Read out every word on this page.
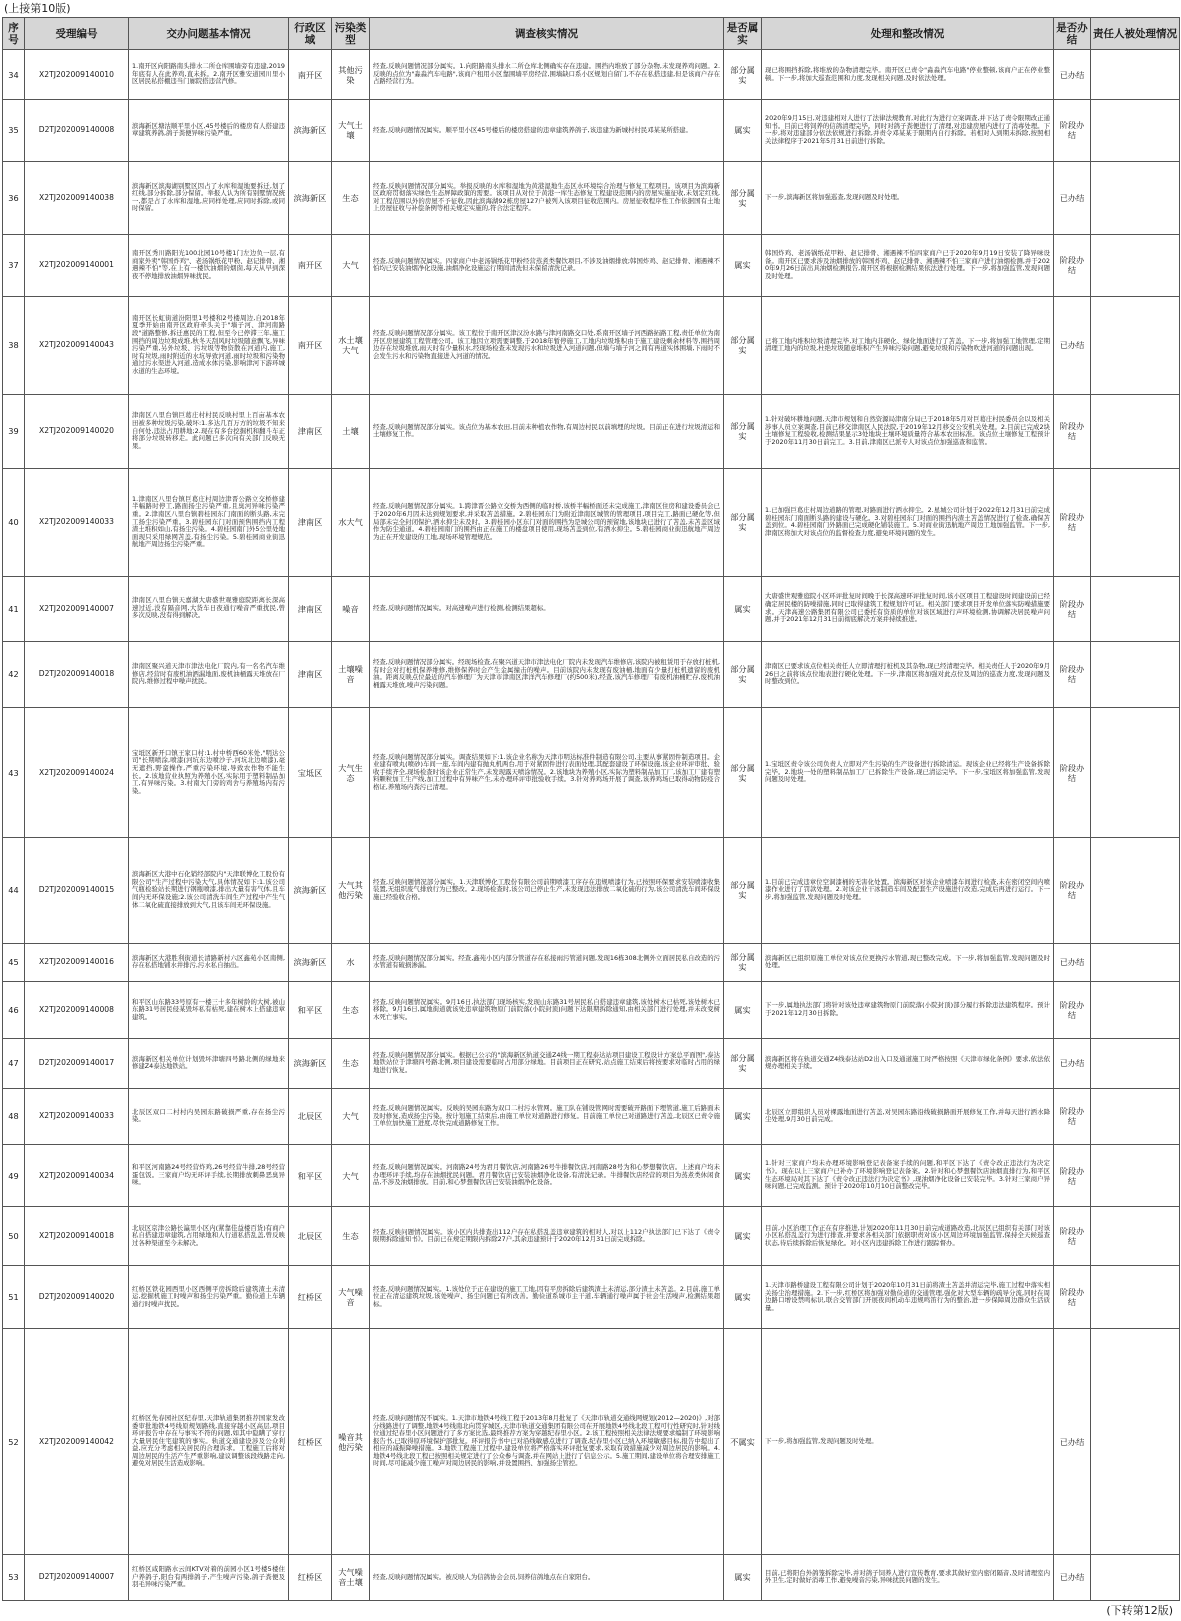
(上接第10版)
序号	受理编号	交办问题基本情况	行政区域	污染类型	调查核实情况	是否属实	处理和整改情况	是否办结	责任人被处理情况
34	X2TJ202009140010	1.南开区向阳路南头排水二所仓库围墙旁有违建,2019年底有人在此养鸡,直未拆。2.南开区雅安道园川里小区居民私搭棚违当门廊院搭违营汽修。	南开区	其他污染	经查,反映问题情况部分属实。1.向阳路南头排水二所仓库北侧确实存在违建。围挡内堆放了部分杂物,未发现养鸡问题。2.反映的点位为"淼淼汽车电路",该商户租用小区靠围墙平房经营,围墙缺口系小区规划自留门,不存在私搭违建,但是该商户存在占路经营行为。	部分属实	现已将围挡拆除,将堆放的杂物清理完毕。南开区已责令"淼淼汽车电路"停业整顿,该商户正在停业整顿。下一步,将加大巡查范围和力度,发现相关问题,及时依法处理。	已办结	
35	D2TJ202009140008	滨海新区塘沽顺平里小区,45号楼后的楼房有人搭建违章建筑养鸽,鸽子粪便异味污染严重。	滨海新区	大气土壤	经查,反映问题情况属实。顺平里小区45号楼后的楼房搭建的违章建筑养鸽子,该违建为新城村村民邓某某所搭建。	属实	2020年9月15日,对违建相对人进行了法律法规教育,对此行为进行立案调查,并下达了责令限期改正通知书。目前已将饲养的信鸽清理完毕。同时对鸽子粪便进行了清理,对违建房屋内进行了消毒处理。下一步,将对违建部分依法依规进行拆除,并责令邓某某于限期内自行拆除。若相对人到期未拆除,按照相关法律程序于2021年5月31日前进行拆除。	阶段办结	
36	X2TJ202009140038	滨海新区滨海湖别墅区因占了水库和湿地要拆迁,划了红线,部分拆除,部分保留。举报人认为所有别墅情况统一,都是占了水库和湿地,应同样处理,应同时拆除,或同时保留。	滨海新区	生态	经查,反映问题情况部分属实。举报反映的水库和湿地为黄港湿地生态区水环境综合治理与修复工程项目。该项目为滨海新区政府贯彻落实绿色生态屏障政策的需要。该项目从对位于黄港一库生态修复工程建设范围内的房屋实施征收,未划定红线,对工程范围以外的房屋不予征收,因此滨海湖92栋房屋127户被列入该项目征收范围内。房屋征收程序性工作依据国有土地上房屋征收与补偿条例等相关规定实施的,符合法定程序。	部分属实	下一步,滨海新区将加强巡查,发现问题及时处理。	已办结	
37	X2TJ202009140001	南开区秀川路阳光100北园10号楼1门左边负一层,有商家外卖"韩国炸鸡"、老汤锅纸花甲粉、赵记排骨、湘遇辣不怕"等,在上有一楼饮油烟的烟囱,每天从早到深夜不停地排放油烟异味扰民。	南开区	大气	经查,反映问题情况属实。四家商户中老汤锅纸花甲粉经营蒸煮类餐饮项目,不涉及油烟排放;韩国炸鸡、赵记排骨、湘遇辣不怕均已安装油烟净化设施,油烟净化设施运行期间清洗但未保留清洗记录。	属实	韩国炸鸡、老汤锅纸花甲粉、赵记排骨、湘遇辣不怕四家商户已于2020年9月19日安装了降异味设备。南开区已要求涉及油烟排放的韩国炸鸡、赵记排骨、湘遇辣不怕三家商户进行油烟检测,并于2020年9月26日前出具油烟检测报告,南开区将根据检测结果依法进行处理。下一步,将加强监管,发现问题及时处理。	阶段办结	
38	X2TJ202009140043	南开区长虹街道汾阳里1号楼和2号楼周边,自2018年夏季开始由南开区政府牵头关于"墙子河、津河南路段"道路整修,拆迁惠民的工程,但至今已停滞三年,施工围挡的周边垃圾成堆,秋冬天刮风时垃圾随意飘飞,异味污染严重,另外垃圾、污垃圾等物资散在河道内,施工,时有垃圾,雨时附近的水坑导致河道,雨时垃圾和污染物通过污水渠进入河道,造成水体污染,影响津河下游环城水道的生态环境。	南开区	水土壤大气	经查,反映问题情况部分属实。该工程位于南开区津汉汾水路与津河南路交口处,系南开区墙子河西路拓路工程,责任单位为南开区房屋建筑工程管理公司。该工地因立项需要调整,于2018年暂停施工,工地内垃圾堆积由于施工建设剩余材料等,围挡周边存在垃圾堆放,雨天时有少量积水,经现场检查未发现污水和垃圾进入河道问题,但墙与墙子河之间有再道实体围墙,下雨时不会发生污水和污染物直接进入河道的情况。	部分属实	已将工地内堆积垃圾清理完毕,对工地内非硬化、绿化地面进行了苫盖。下一步,将加强工地管理,定期清理工地内的垃圾,杜绝垃圾随意堆积产生异味污染问题,避免垃圾和污染物吹进河道的问题出现。	已办结	
39	X2TJ202009140020	津南区八里台镇巨葛庄村村民反映村里上百亩基本农田被多种垃圾污染,破坏:1.多达几百万方的垃圾不知来自何处,违法占用耕地;2.现在有多台挖掘机和翻斗车正将部分垃圾转移走。此问题已多次向有关部门反映无果。	津南区	土壤	经查,反映问题情况部分属实。该点位为基本农田,目前未种植农作物,有周边村民以前填埋的垃圾。目前正在进行垃圾清运和土壤修复工作。	部分属实	1.针对破坏耕地问题,天津市规划和自然资源局津南分局已于2018年5月对巨葛庄村民委员会以及相关涉事人员立案调查,目前已移交津南区人民法院,于2019年12月移交公安机关处理。2.目前已完成2块土壤修复工程验收,检测结果显示3处地块土壤环境质量符合基本农田标准。该点位土壤修复工程预计于2020年11月30日前完工。3.目前,津南区已派专人对该点位加强巡查和监管。	阶段办结	
40	X2TJ202009140033	1.津南区八里台镇巨葛庄村周边津晋公路立交桥修建半幅路时停工,路面扬尘污染严重,且臭河异味污染严重。2.津南区八里台镇碧桂园东门南面的断头路,未完工扬尘污染严重。3.碧桂园东门对面预售围挡内工程渣土堆积如山,有扬尘污染。4.碧桂园南门外5公里处地面现只采用绿网苫盖,有扬尘污染。5.碧桂园商业街迅航地产周边扬尘污染严重。	津南区	水大气	经查,反映问题情况部分属实。1.跨津晋公路立交桥为西侧的临时桥,该桥半幅桥面还未完成施工,津南区住房和建设委员会已于2020年6月因未达到规划要求,并采取苫盖措施。2.碧桂园东门为附近津南区城管的管理项目,项目完工,路面已硬化等,但局部未完全封闭保护,洒水抑尘未及时。3.碧桂园小区东门对面的围挡为是城公司的预留地,该地块已进行了苫盖,未苫盖区域作为防尘通道。4.碧桂园南门的围挡由正在施工的楼盘项目使用,现场苫盖到位,有洒水抑尘。5.碧桂园商业街迅航地产周边为正在开发建设的工地,现场环境管理规范。	部分属实	1.已加强巨葛庄村周边道路的管理,对路面进行洒水抑尘。2.星城公司计划于2022年12月31日前完成碧桂园东门南面断头路的建设与硬化。3.对碧桂园东门对面的围挡内渣土苫盖情况进行了检查,确保苫盖到位。4.碧桂园南门外路面已完成硬化铺装施工。5.对商业街迅航地产周边工地加强监管。下一步,津南区将加大对该点位的监督检查力度,避免环境问题的发生。	阶段办结	
41	X2TJ202009140007	津南区八里台镇天嘉湖大唐盛世观雅庭院距离长深高速过近,没有隔音网,大货车日夜通行噪音严重扰民,曾多次反映,没有得到解决。	津南区	噪音	经查,反映问题情况属实。对高速噪声进行检测,检测结果超标。	属实	大唐盛世观雅庭院小区环评批复时间晚于长深高速环评批复时间,该小区项目工程建设时间建设前已经确定居民楼的防噪措施,同时已取得建筑工程规划许可证。相关部门要求项目开发单位落实防噪措施要求。天津高速公路集团有限公司已委托有资质的单位对该区域进行声环境检测,协调解决居民噪声问题,并于2021年12月31日前彻底解决方案并持续推进。	阶段办结	
42	D2TJ202009140018	津南区聚兴道天津市津法电化厂院内,有一名名汽车维修店,经营时有废机油洒漏地面,废机油桶露天堆放在厂院内,维修过程中噪声扰民。	津南区	土壤噪音	经查,反映问题情况部分属实。经现场检查,在聚兴道天津市津法电化厂院内未发现汽车维修店,该院内被租赁用于存放打桩机,有时会对打桩机保养维修,维修保养时会产生金属撞击的噪声。目前该院内未发现有废油桶,地面有少量打桩机遗留的废机油。距离反映点位最近的汽车修理厂为天津市津南区津洋汽车修理厂(约500米),经查,该汽车修理厂有废机油桶贮存,废机油桶露天堆放,噪声污染问题。	部分属实	津南区已要求该点位相关责任人立即清理打桩机及其杂物,现已经清理完毕。相关责任人于2020年9月26日之前将该点位地表进行硬化处理。下一步,津南区将加强对此点位及周边的巡查力度,发现问题及时整改到位。	阶段办结	
43	X2TJ202009140024	宝坻区新开口镇王家口村:1.村中桥西60米处,"明达公司"长期喷涂,喷漆(河坑东边喷沙子,河坑北边喷漆),毫无遮挡,野蛮操作,严重污染环境,导致农作物不能生长。2.该地营业执照为养殖小区,实际用于塑料制品加工,有异味污染。3.村南大门旁的鸡舍与养殖场内有污染。	宝坻区	大气生态	经查,反映问题情况部分属实。调查结果如下:1.该企业名称为天津市明达标准件制造有限公司,主要从事紧固件制造项目。企业建有喷丸(喷砂)车间一座,车间内建有抛丸机两台,用于对紧固件进行表面处理,其配套建设了环保设施,该企业环评审批、验收手续齐全,现场检查时该企业正常生产,未发现露天喷涂情况。2.该地块为养殖小区,实际为塑料制品加工厂,该加工厂建有塑料颗粒加工生产线,加工过程中有异味产生,未办理环评审批验收手续。3.针对养鸡场开展了调查,该养鸡场已取得动物防疫合格证,养殖场内粪污已清理。	部分属实	1.宝坻区责令该公司负责人立即对产生污染的生产设备进行拆除清运。现该企业已经将生产设备拆除完毕。2.地块一处的塑料制品加工厂已拆除生产设备,现已清运完毕。下一步,宝坻区将加强监管,发现问题及时处理。	阶段办结	
44	D2TJ202009140015	滨海新区大港中石化销经部院内"天津联博化工股份有限公司"生产过程中污染大气,具体情况如下:1.该公司气瓶检验站长期进行钢瓶喷漆,排出大量有害气体,且车间内无环保设施;2.该公司清洗车间生产过程中产生气体二氧化硫直接排放到大气,且该车间无环保设施。	滨海新区	大气其他污染	经查,反映问题情况部分属实。1.天津联博化工股份有限公司前期喷漆工序存在违规喷漆行为,已按照环保要求安装喷漆收集装置,无组织废气排放行为已整改。2.现场检查时,该公司已停止生产,未发现违法排放二氧化硫的行为,该公司清洗车间环保设施已经验收合格。	部分属实	1.目前已完成违章位空洞漆桶的无害化处置。滨海新区对该企业喷漆车间进行检查,未在密闭空间内喷漆作业进行了罚款处理。2.对该企业干冰制造车间及配套生产设施进行改造,完成后再进行运行。下一步,将加强监管,发现问题及时处理。	阶段办结	
45	X2TJ202009140016	滨海新区大港胜利街道长清路新村六区鑫苑小区南侧,存在私搭地铺水井排污,污水私自抽出。	滨海新区	水	经查,反映问题情况部分属实。经查,鑫苑小区内部分管道存在私接雨污管道问题,发现16栋308北侧外立面居民私自改造的污水管道有破损渗漏。	部分属实	滨海新区已组织原施工单位对该点位更换污水管道,现已整改完成。下一步,将加强监管,发现问题及时处理。	已办结	
46	X2TJ202009140008	和平区山东路33号原有一楼三十多年树龄的大树,被山东路31号居民侵某毁坏私有枯死,建在树木上搭建违章建筑。	和平区	生态	经查,反映问题情况属实。9月16日,执法部门现场核实,发现山东路31号居民私自搭建违章建筑,该处树木已枯死,该处树木已移除。9月16日,属地街道就该处违章建筑物原门前院落(小院封顶)问题下达限期拆除通知,由相关部门进行处理,并未改变树木死亡事实。	属实	下一步,属地执法部门将针对该处违章建筑物原门前院落(小院封顶)部分履行拆除违法建筑程序。预计于2021年12月30日拆除。	阶段办结	
47	D2TJ202009140017	滨海新区相关单位计划毁坏津塘四号路北侧的绿地来修建Z4泰达地铁站。	滨海新区	生态	经查,反映问题情况部分属实。根据已公示的"滨海新区轨道交通Z4线一期工程泰达站项目建设工程设计方案总平面图",泰达地铁站位于津塘四号路北侧,项目建设需要临时占用部分绿地。目前项目正在研究,站点施工结束后将按要求对临时占用的绿地进行恢复。	部分属实	滨海新区将在轨道交通Z4线泰达站D2出入口及通道施工时严格按照《天津市绿化条例》要求,依法依规办理相关手续。	已办结	
48	X2TJ202009140033	北辰区双口二村村内吴园东路破损严重,存在扬尘污染。	北辰区	大气	经查,反映问题情况属实。反映的吴园东路为双口二村污水管网。施工队在铺设管网时需要破开路面下埋管道,施工后路面未及时修复,造成扬尘污染。按计划施工结束后,由施工单位对道路进行修复。目前施工单位已对道路进行苫盖,北辰区已责令施工单位加快施工进度,尽快完成道路修复工作。	属实	北辰区立即组织人员对裸露地面进行苫盖,对吴园东路沿线破损路面开展修复工作,并每天进行洒水降尘处理,9月30日前完成。	阶段办结	
49	X2TJ202009140034	和平区河南路24号经营炸鸡,26号经营牛排,28号经营蛋包饭。三家商户均无环评手续,长期排放刺鼻恶臭异味。	和平区	大气	经查,反映问题情况属实。河南路24号为君月餐饮店,河南路26号牛排餐饮店,河南路28号为和心梦想餐饮店。上述商户均未办理环评手续,均存在油烟扰民问题。君月餐饮店已安装油烟净化设备,有清洗记录。牛排餐饮店经营的项目为蒸煮类休闲食品,不涉及油烟排放。目前,和心梦想餐饮店已安装油烟净化设备。	属实	1.针对三家商户均未办理环境影响登记表备案手续的问题,和平区下达了《责令改正违法行为决定书》。现在以上三家商户已补办了环境影响登记表备案。2.针对和心梦想餐饮店油烟直排行为,和平区生态环境局对其下达了《责令改正违法行为决定书》,现油烟净化设备已安装完毕。3.针对三家商户异味问题,已完成监测。预计于2020年10月10日前整改完毕。	阶段办结	
50	X2TJ202009140018	北辰区京津公路长瀛里小区内(紧靠佳益楼百货)有商户私自搭建违章建筑,占用绿地和人行道私搭乱盖,曾反映过各种渠道至今未解决。	北辰区	生态	经查,反映问题情况属实。该小区内共排查出112户存在私搭乱盖违章建筑的相对人,对以上112户执法部门已下达了《责令限期拆除通知书》。目前已在规定期限内拆除27户,其余违建预计于2020年12月31日前完成拆除。	属实	目前,小区治理工作正在有序推进,计划2020年11月30日前完成道路改造,北辰区已组织有关部门对该小区私搭乱盖行为进行排查,并要求各相关部门依据职责对该小区周边环境加强监管,保持全天候巡查状态,待后续拆除后恢复绿化。对小区内违建拆除工作进行跟踪督办。	阶段办结	
51	D2TJ202009140020	红桥区铁花园西里小区西侧平房拆除后建筑渣土未清运,挖掘机施工时噪声和扬尘污染严重。勤俭道上车辆通行时噪声扰民。	红桥区	大气噪音	经查,反映问题情况属实。1.该处位于正在建设的施工工地,因有平房拆除后建筑渣土未清运,部分渣土未苫盖。2.目前,施工单位正在清运建筑垃圾,该处噪声、扬尘问题已有所改善。勤俭道系城市主干道,车辆通行噪声属于社会生活噪声,检测结果超标。	属实	1.天津市路桥建设工程有限公司计划于2020年10月31日前将渣土苫盖并清运完毕,施工过程中落实相关扬尘治理措施。2.下一步,红桥区将加强对勤俭道的交通管理,强化对大型车辆的疏导分流,同时在周边路口增设禁鸣标识,联合交管部门开展夜间机动车违规鸣笛行为的整治,进一步保障周边群众生活质量。	阶段办结	
52	X2TJ202009140042	红桥区先春园社区纪春里,天津轨道集团推荐国家发改委审批地铁4号线原规划路线,直接穿越小区高层,项目环评报告中存在与事实不符的问题,如其中隐瞒了穿行大量居民住宅建筑的事实。轨道交通建设涉及公众利益,应充分考虑相关居民的合理诉求。工程施工后将对周边居民的生活产生严重影响,建议调整该段线路走向,避免对居民生活造成影响。	红桥区	噪音其他污染	经查,反映问题情况不属实。1.天津市地铁4号线工程于2013年8月批复了《天津市轨道交通线网规划(2012—2020)》,对部分线路进行了调整,地铁4号线南北向贯穿城区,天津市轨道交通集团有限公司在开展地铁4号线北段工程可行性研究时,针对线位通过纪春里小区问题进行了多方案比选,最终推荐方案为穿越纪春里小区。2.该工程按照相关法律法规要求编制了环境影响报告书,已取得原环境保护部批复。环评报告书中已对沿线敏感点进行了调查,纪春里小区已纳入环境敏感目标,报告中提出了相应的减振降噪措施。3.地铁工程施工过程中,建设单位将严格落实环评批复要求,采取有效措施减少对周边居民的影响。4.地铁4号线北段工程已按照相关规定进行了公众参与调查,并在网站上进行了信息公示。5.施工期间,建设单位将合理安排施工时间,尽可能减少施工噪声对周边居民的影响,并设置围挡、加强扬尘管控。	不属实	下一步,将加强监管,发现问题及时处理。	已办结	
53	D2TJ202009140007	红桥区咸阳路水云间KTV对着的前园小区1号楼5楼住户养鸽子,阳台有两排鸽子,产生噪声污染,鸽子粪便及羽毛异味污染严重。	红桥区	大气噪音土壤	经查,反映问题情况属实。被反映人为信鸽协会会员,饲养信鸽地点在自家阳台。	属实	目前,已将阳台外鸽笼拆除完毕,并对鸽子饲养人进行宣传教育,要求其做好室内密闭隔音,及时清理室内外卫生,定时做好消毒工作,避免噪音污染,异味扰民问题的发生。	已办结	
(下转第12版)
